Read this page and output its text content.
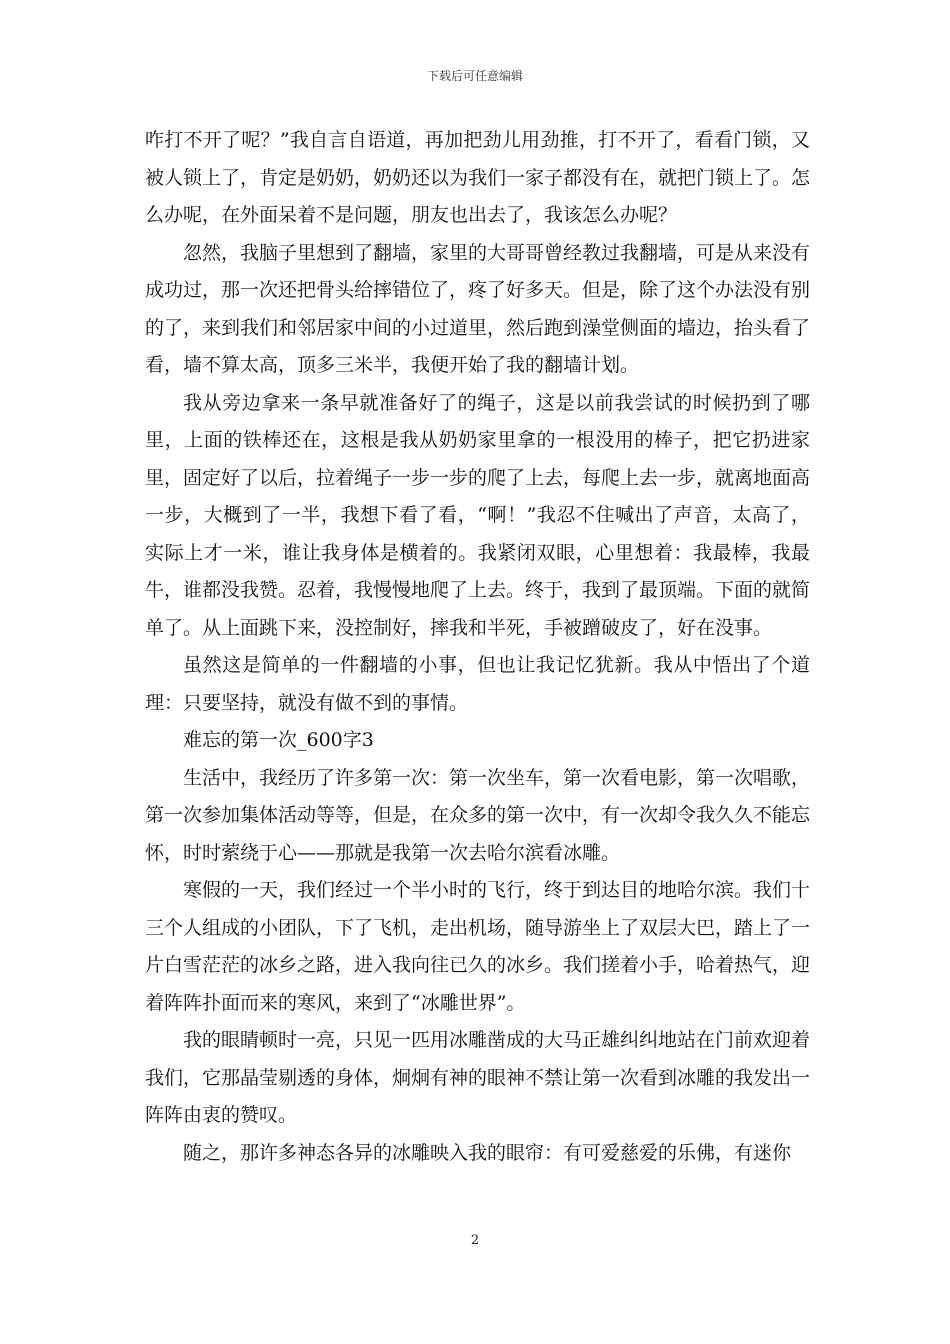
下载后可任意编辑

咋打不开了呢？”我自言自语道，再加把劲儿用劲推，打不开了，看看门锁，又被人锁上了，肯定是奶奶，奶奶还以为我们一家子都没有在，就把门锁上了。怎么办呢，在外面呆着不是问题，朋友也出去了，我该怎么办呢？

忽然，我脑子里想到了翻墙，家里的大哥哥曾经教过我翻墙，可是从来没有成功过，那一次还把骨头给摔错位了，疼了好多天。但是，除了这个办法没有别的了，来到我们和邻居家中间的小过道里，然后跑到澡堂侧面的墙边，抬头看了看，墙不算太高，顶多三米半，我便开始了我的翻墙计划。

我从旁边拿来一条早就准备好了的绳子，这是以前我尝试的时候扔到了哪里，上面的铁棒还在，这根是我从奶奶家里拿的一根没用的棒子，把它扔进家里，固定好了以后，拉着绳子一步一步的爬了上去，每爬上去一步，就离地面高一步，大概到了一半，我想下看了看，“啊！”我忍不住喊出了声音，太高了，实际上才一米，谁让我身体是横着的。我紧闭双眼，心里想着：我最棒，我最牛，谁都没我赞。忍着，我慢慢地爬了上去。终于，我到了最顶端。下面的就简单了。从上面跳下来，没控制好，摔我和半死，手被蹭破皮了，好在没事。

虽然这是简单的一件翻墙的小事，但也让我记忆犹新。我从中悟出了个道理：只要坚持，就没有做不到的事情。

难忘的第一次_600字3

生活中，我经历了许多第一次：第一次坐车，第一次看电影，第一次唱歌，第一次参加集体活动等等，但是，在众多的第一次中，有一次却令我久久不能忘怀，时时萦绕于心——那就是我第一次去哈尔滨看冰雕。

寒假的一天，我们经过一个半小时的飞行，终于到达目的地哈尔滨。我们十三个人组成的小团队，下了飞机，走出机场，随导游坐上了双层大巴，踏上了一片白雪茫茫的冰乡之路，进入我向往已久的冰乡。我们搓着小手，哈着热气，迎着阵阵扑面而来的寒风，来到了“冰雕世界”。

我的眼睛顿时一亮，只见一匹用冰雕凿成的大马正雄纠纠地站在门前欢迎着我们，它那晶莹剔透的身体，炯炯有神的眼神不禁让第一次看到冰雕的我发出一阵阵由衷的赞叹。

随之，那许多神态各异的冰雕映入我的眼帘：有可爱慈爱的乐佛，有迷你

2
